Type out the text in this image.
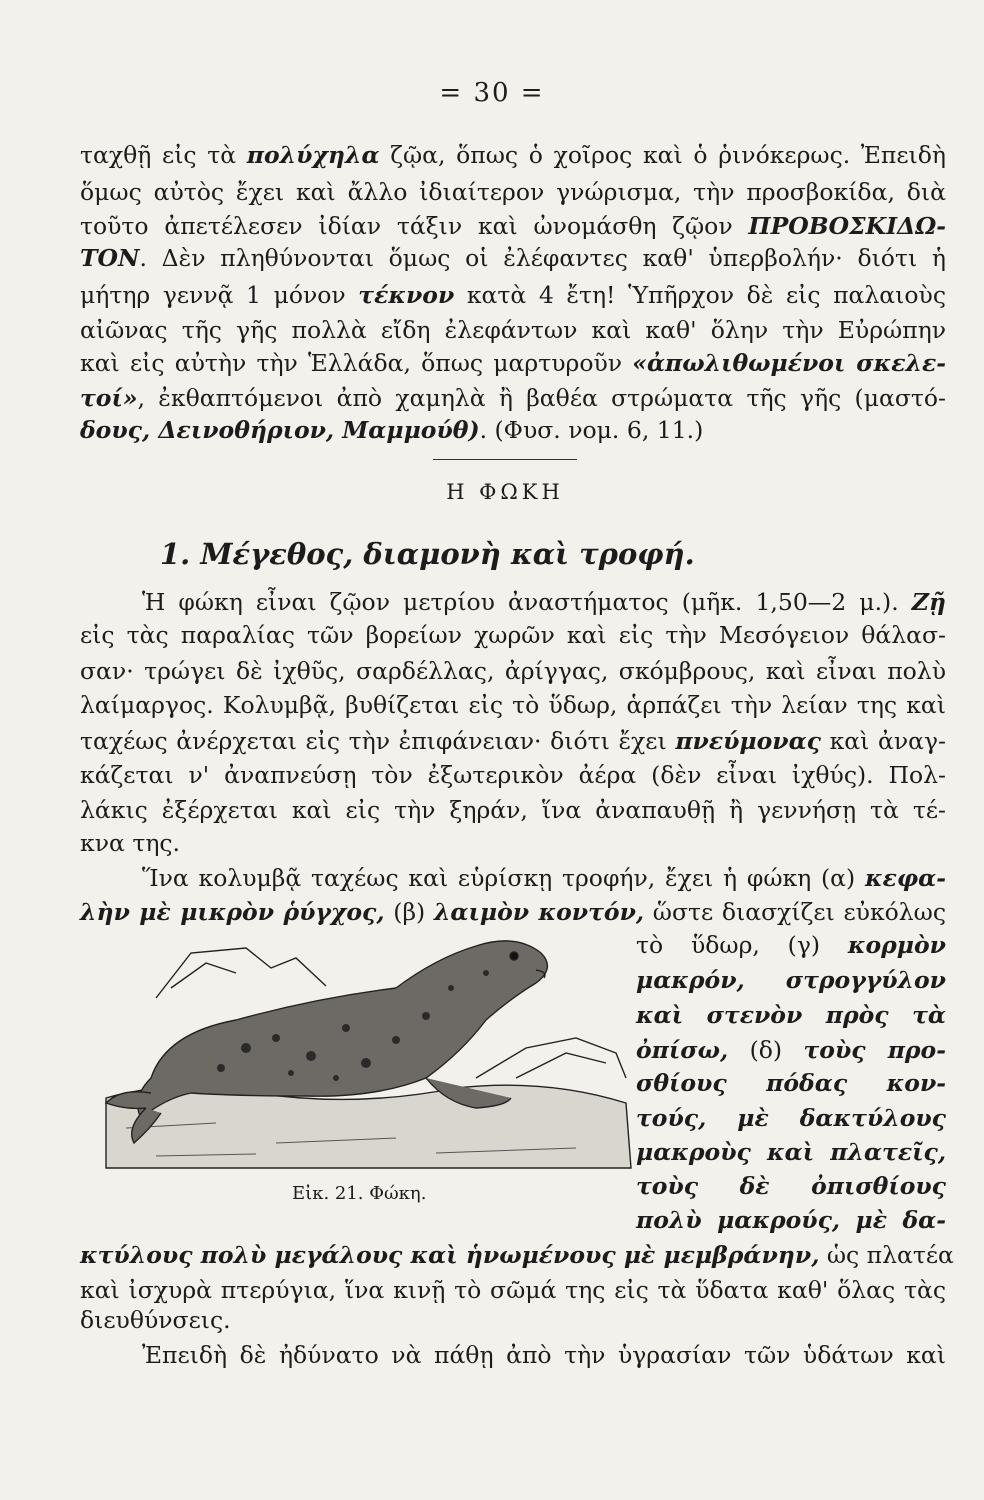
= 30 =
ταχθῇ εἰς τὰ πολύχηλα ζῷα, ὅπως ὁ χοῖρος καὶ ὁ ῥινόκερως. Ἐπειδὴ
ὅμως αὐτὸς ἔχει καὶ ἄλλο ἰδιαίτερον γνώρισμα, τὴν προσβοκίδα, διὰ
τοῦτο ἀπετέλεσεν ἰδίαν τάξιν καὶ ὠνομάσθη ζῷον ΠΡΟΒΟΣΚΙΔΩ-
ΤΟΝ. Δὲν πληθύνονται ὅμως οἱ ἐλέφαντες καθ' ὑπερβολήν· διότι ἡ
μήτηρ γεννᾷ 1 μόνον τέκνον κατὰ 4 ἔτη! Ὑπῆρχον δὲ εἰς παλαιοὺς
αἰῶνας τῆς γῆς πολλὰ εἴδη ἐλεφάντων καὶ καθ' ὅλην τὴν Εὐρώπην
καὶ εἰς αὐτὴν τὴν Ἑλλάδα, ὅπως μαρτυροῦν «ἀπωλιθωμένοι σκελε-
τοί», ἐκθαπτόμενοι ἀπὸ χαμηλὰ ἢ βαθέα στρώματα τῆς γῆς (μαστό-
δους, Δεινοθήριον, Μαμμούθ). (Φυσ. νομ. 6, 11.)
Η ΦΩΚΗ
1. Μέγεθος, διαμονὴ καὶ τροφή.
Ἡ φώκη εἶναι ζῷον μετρίου ἀναστήματος (μῆκ. 1,50—2 μ.). Ζῇ
εἰς τὰς παραλίας τῶν βορείων χωρῶν καὶ εἰς τὴν Μεσόγειον θάλασ-
σαν· τρώγει δὲ ἰχθῦς, σαρδέλλας, ἀρίγγας, σκόμβρους, καὶ εἶναι πολὺ
λαίμαργος. Κολυμβᾷ, βυθίζεται εἰς τὸ ὕδωρ, ἁρπάζει τὴν λείαν της καὶ
ταχέως ἀνέρχεται εἰς τὴν ἐπιφάνειαν· διότι ἔχει πνεύμονας καὶ ἀναγ-
κάζεται ν' ἀναπνεύσῃ τὸν ἐξωτερικὸν ἀέρα (δὲν εἶναι ἰχθύς). Πολ-
λάκις ἐξέρχεται καὶ εἰς τὴν ξηράν, ἵνα ἀναπαυθῇ ἢ γεννήσῃ τὰ τέ-
κνα της.
Ἵνα κολυμβᾷ ταχέως καὶ εὑρίσκῃ τροφήν, ἔχει ἡ φώκη (α) κεφα-
λὴν μὲ μικρὸν ῥύγχος, (β) λαιμὸν κοντόν, ὥστε διασχίζει εὐκόλως
τὸ ὕδωρ, (γ) κορμὸν
μακρόν, στρογγύλον
καὶ στενὸν πρὸς τὰ
ὀπίσω, (δ) τοὺς προ-
σθίους πόδας κον-
τούς, μὲ δακτύλους
μακροὺς καὶ πλατεῖς,
τοὺς δὲ ὀπισθίους
πολὺ μακρούς, μὲ δα-
Εἰκ. 21. Φώκη.
κτύλους πολὺ μεγάλους καὶ ἡνωμένους μὲ μεμβράνην, ὡς πλατέα
καὶ ἰσχυρὰ πτερύγια, ἵνα κινῇ τὸ σῶμά της εἰς τὰ ὕδατα καθ' ὅλας τὰς
διευθύνσεις.
Ἐπειδὴ δὲ ἠδύνατο νὰ πάθῃ ἀπὸ τὴν ὑγρασίαν τῶν ὑδάτων καὶ
